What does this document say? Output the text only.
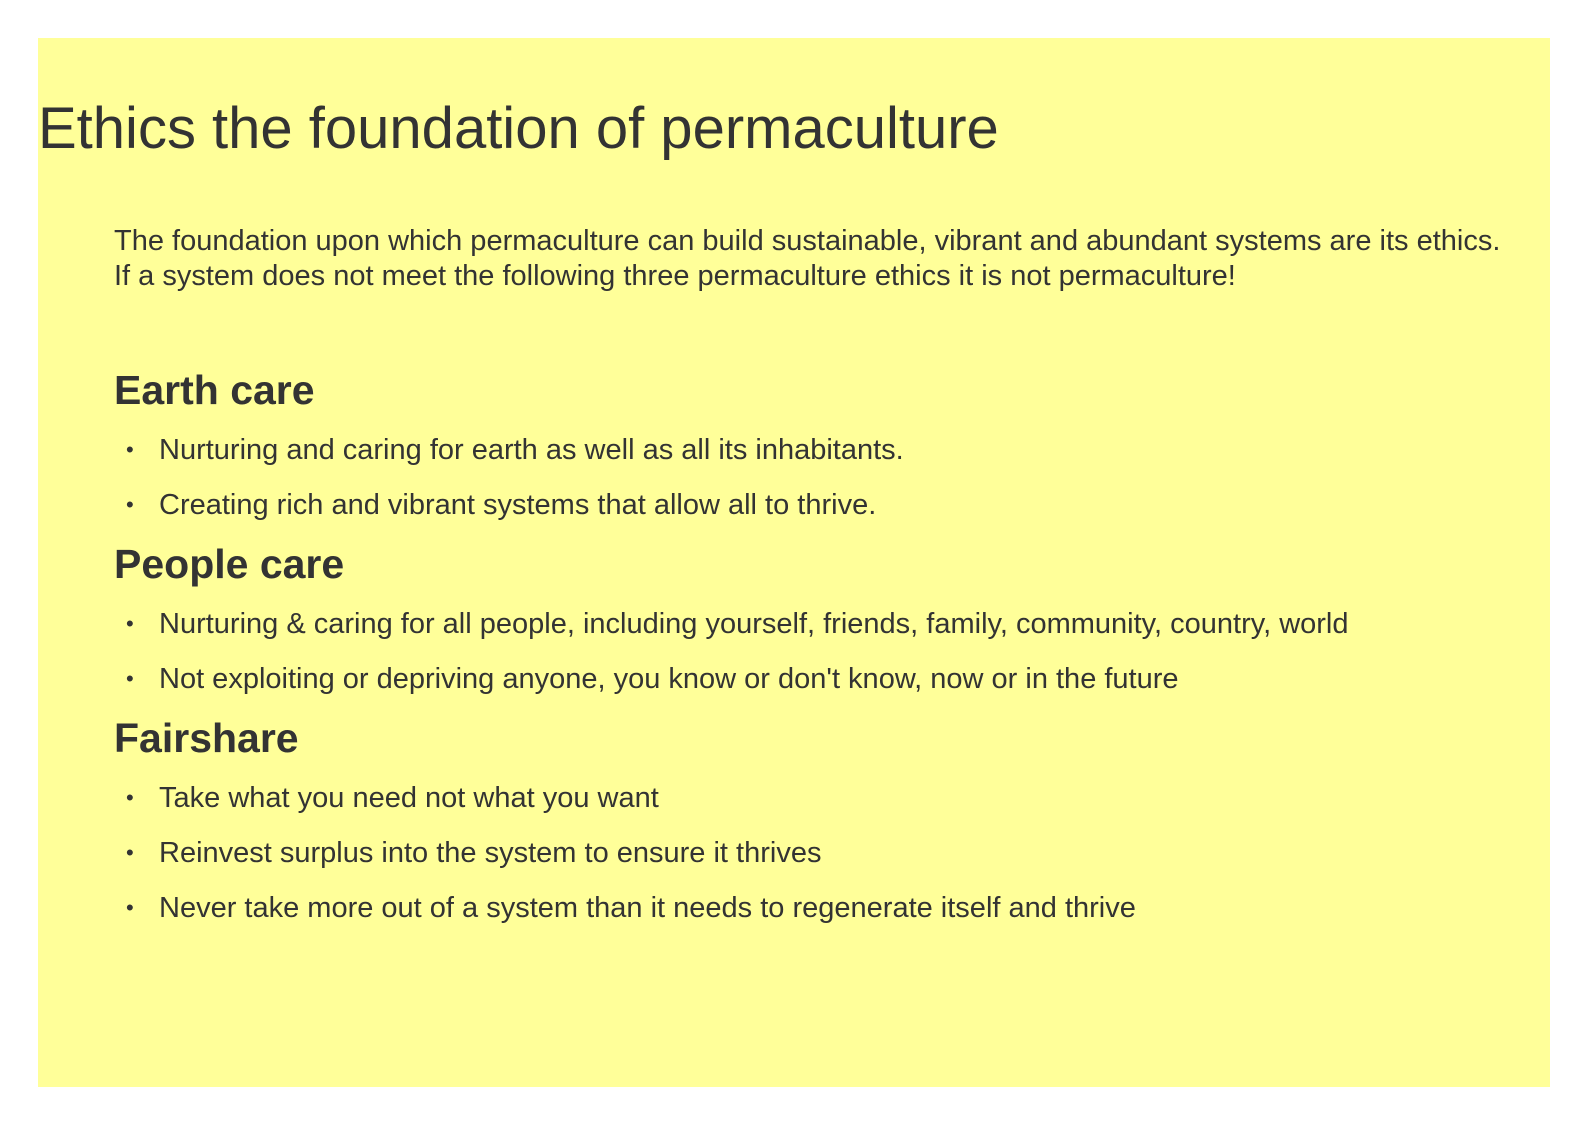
Ethics the foundation of permaculture

The foundation upon which permaculture can build sustainable, vibrant and abundant systems are its ethics. If a system does not meet the following three permaculture ethics it is not permaculture!

Earth care
• Nurturing and caring for earth as well as all its inhabitants.
• Creating rich and vibrant systems that allow all to thrive.
People care
• Nurturing & caring for all people, including yourself, friends, family, community, country, world
• Not exploiting or depriving anyone, you know or don't know, now or in the future
Fairshare
• Take what you need not what you want
• Reinvest surplus into the system to ensure it thrives
• Never take more out of a system than it needs to regenerate itself and thrive
